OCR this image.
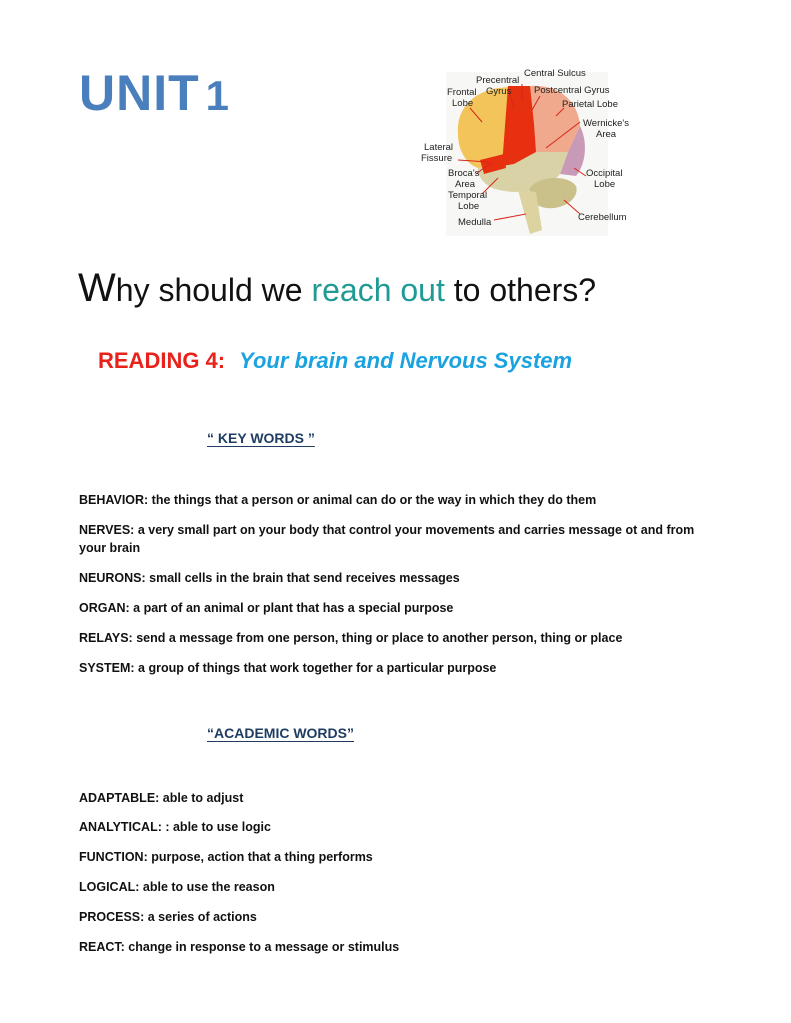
UNIT 1	Central Sulcus
Precentral
Gyrus
Frontal
Lobe
Postcentral Gyrus
Parietal Lobe
Wernicke's
Area
Lateral
Fissure
Broca's
Area
Temporal
Lobe
Occipital
Lobe
Medulla	Cerebellum
Why should we reach out to others?
READING 4: Your brain and Nervous System
“ KEY WORDS ”
BEHAVIOR: the things that a person or animal can do or the way in which they do them
NERVES: a very small part on your body that control your movements and carries message ot and from your brain
NEURONS: small cells in the brain that send receives messages
ORGAN: a part of an animal or plant that has a special purpose
RELAYS: send a message from one person, thing or place to another person, thing or place
SYSTEM: a group of things that work together for a particular purpose
“ACADEMIC WORDS”
ADAPTABLE: able to adjust
ANALYTICAL: : able to use logic
FUNCTION: purpose, action that a thing performs
LOGICAL: able to use the reason
PROCESS: a series of actions
REACT: change in response to a message or stimulus
